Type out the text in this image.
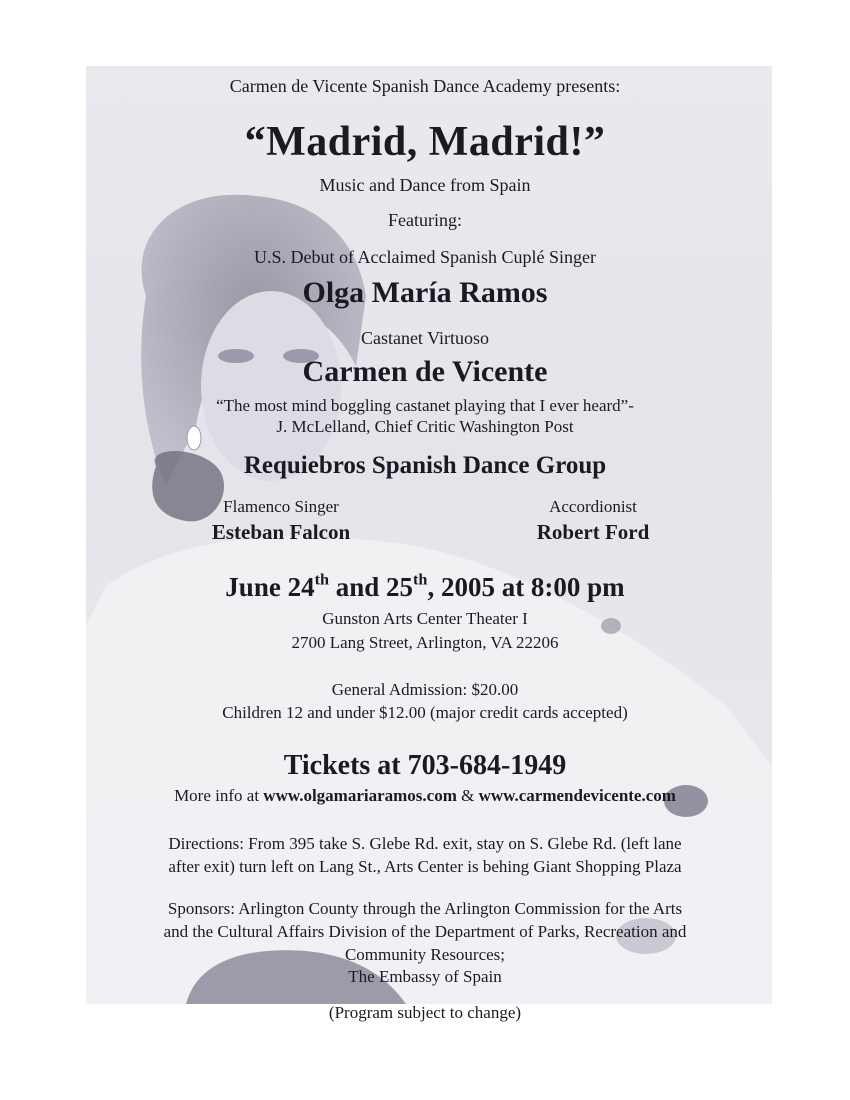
Carmen de Vicente Spanish Dance Academy presents:
“Madrid, Madrid!”
Music and Dance from Spain
Featuring:
U.S. Debut of Acclaimed Spanish Cuplé Singer
Olga María Ramos
Castanet Virtuoso
Carmen de Vicente
“The most mind boggling castanet playing that I ever heard”-
J. McLelland, Chief Critic Washington Post
Requiebros Spanish Dance Group
Flamenco Singer
Esteban Falcon
Accordionist
Robert Ford
June 24th and 25th, 2005 at 8:00 pm
Gunston Arts Center Theater I
2700 Lang Street, Arlington, VA 22206
General Admission: $20.00
Children 12 and under $12.00 (major credit cards accepted)
Tickets at 703-684-1949
More info at www.olgamariaramos.com & www.carmendevicente.com
Directions: From 395 take S. Glebe Rd. exit, stay on S. Glebe Rd. (left lane
after exit) turn left on Lang St., Arts Center is behing Giant Shopping Plaza
Sponsors: Arlington County through the Arlington Commission for the Arts
and the Cultural Affairs Division of the Department of Parks, Recreation and
Community Resources;
The Embassy of Spain
(Program subject to change)
